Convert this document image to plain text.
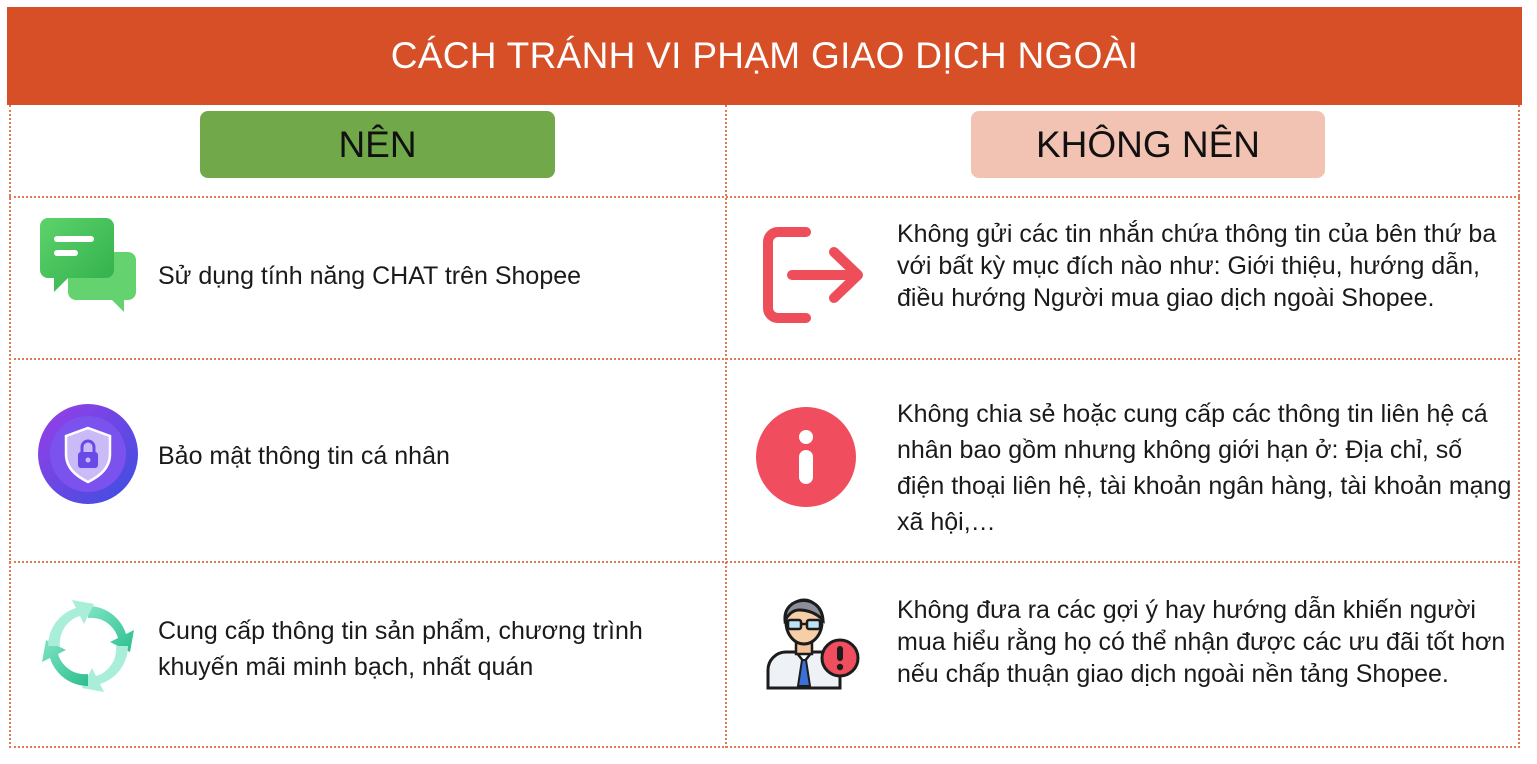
CÁCH TRÁNH VI PHẠM GIAO DỊCH NGOÀI
NÊN	KHÔNG NÊN
Sử dụng tính năng CHAT trên Shopee
Không gửi các tin nhắn chứa thông tin của bên thứ ba với bất kỳ mục đích nào như: Giới thiệu, hướng dẫn, điều hướng Người mua giao dịch ngoài Shopee.
Bảo mật thông tin cá nhân
Không chia sẻ hoặc cung cấp các thông tin liên hệ cá nhân bao gồm nhưng không giới hạn ở: Địa chỉ, số điện thoại liên hệ, tài khoản ngân hàng, tài khoản mạng xã hội,…
Cung cấp thông tin sản phẩm, chương trình khuyến mãi minh bạch, nhất quán
Không đưa ra các gợi ý hay hướng dẫn khiến người mua hiểu rằng họ có thể nhận được các ưu đãi tốt hơn nếu chấp thuận giao dịch ngoài nền tảng Shopee.
